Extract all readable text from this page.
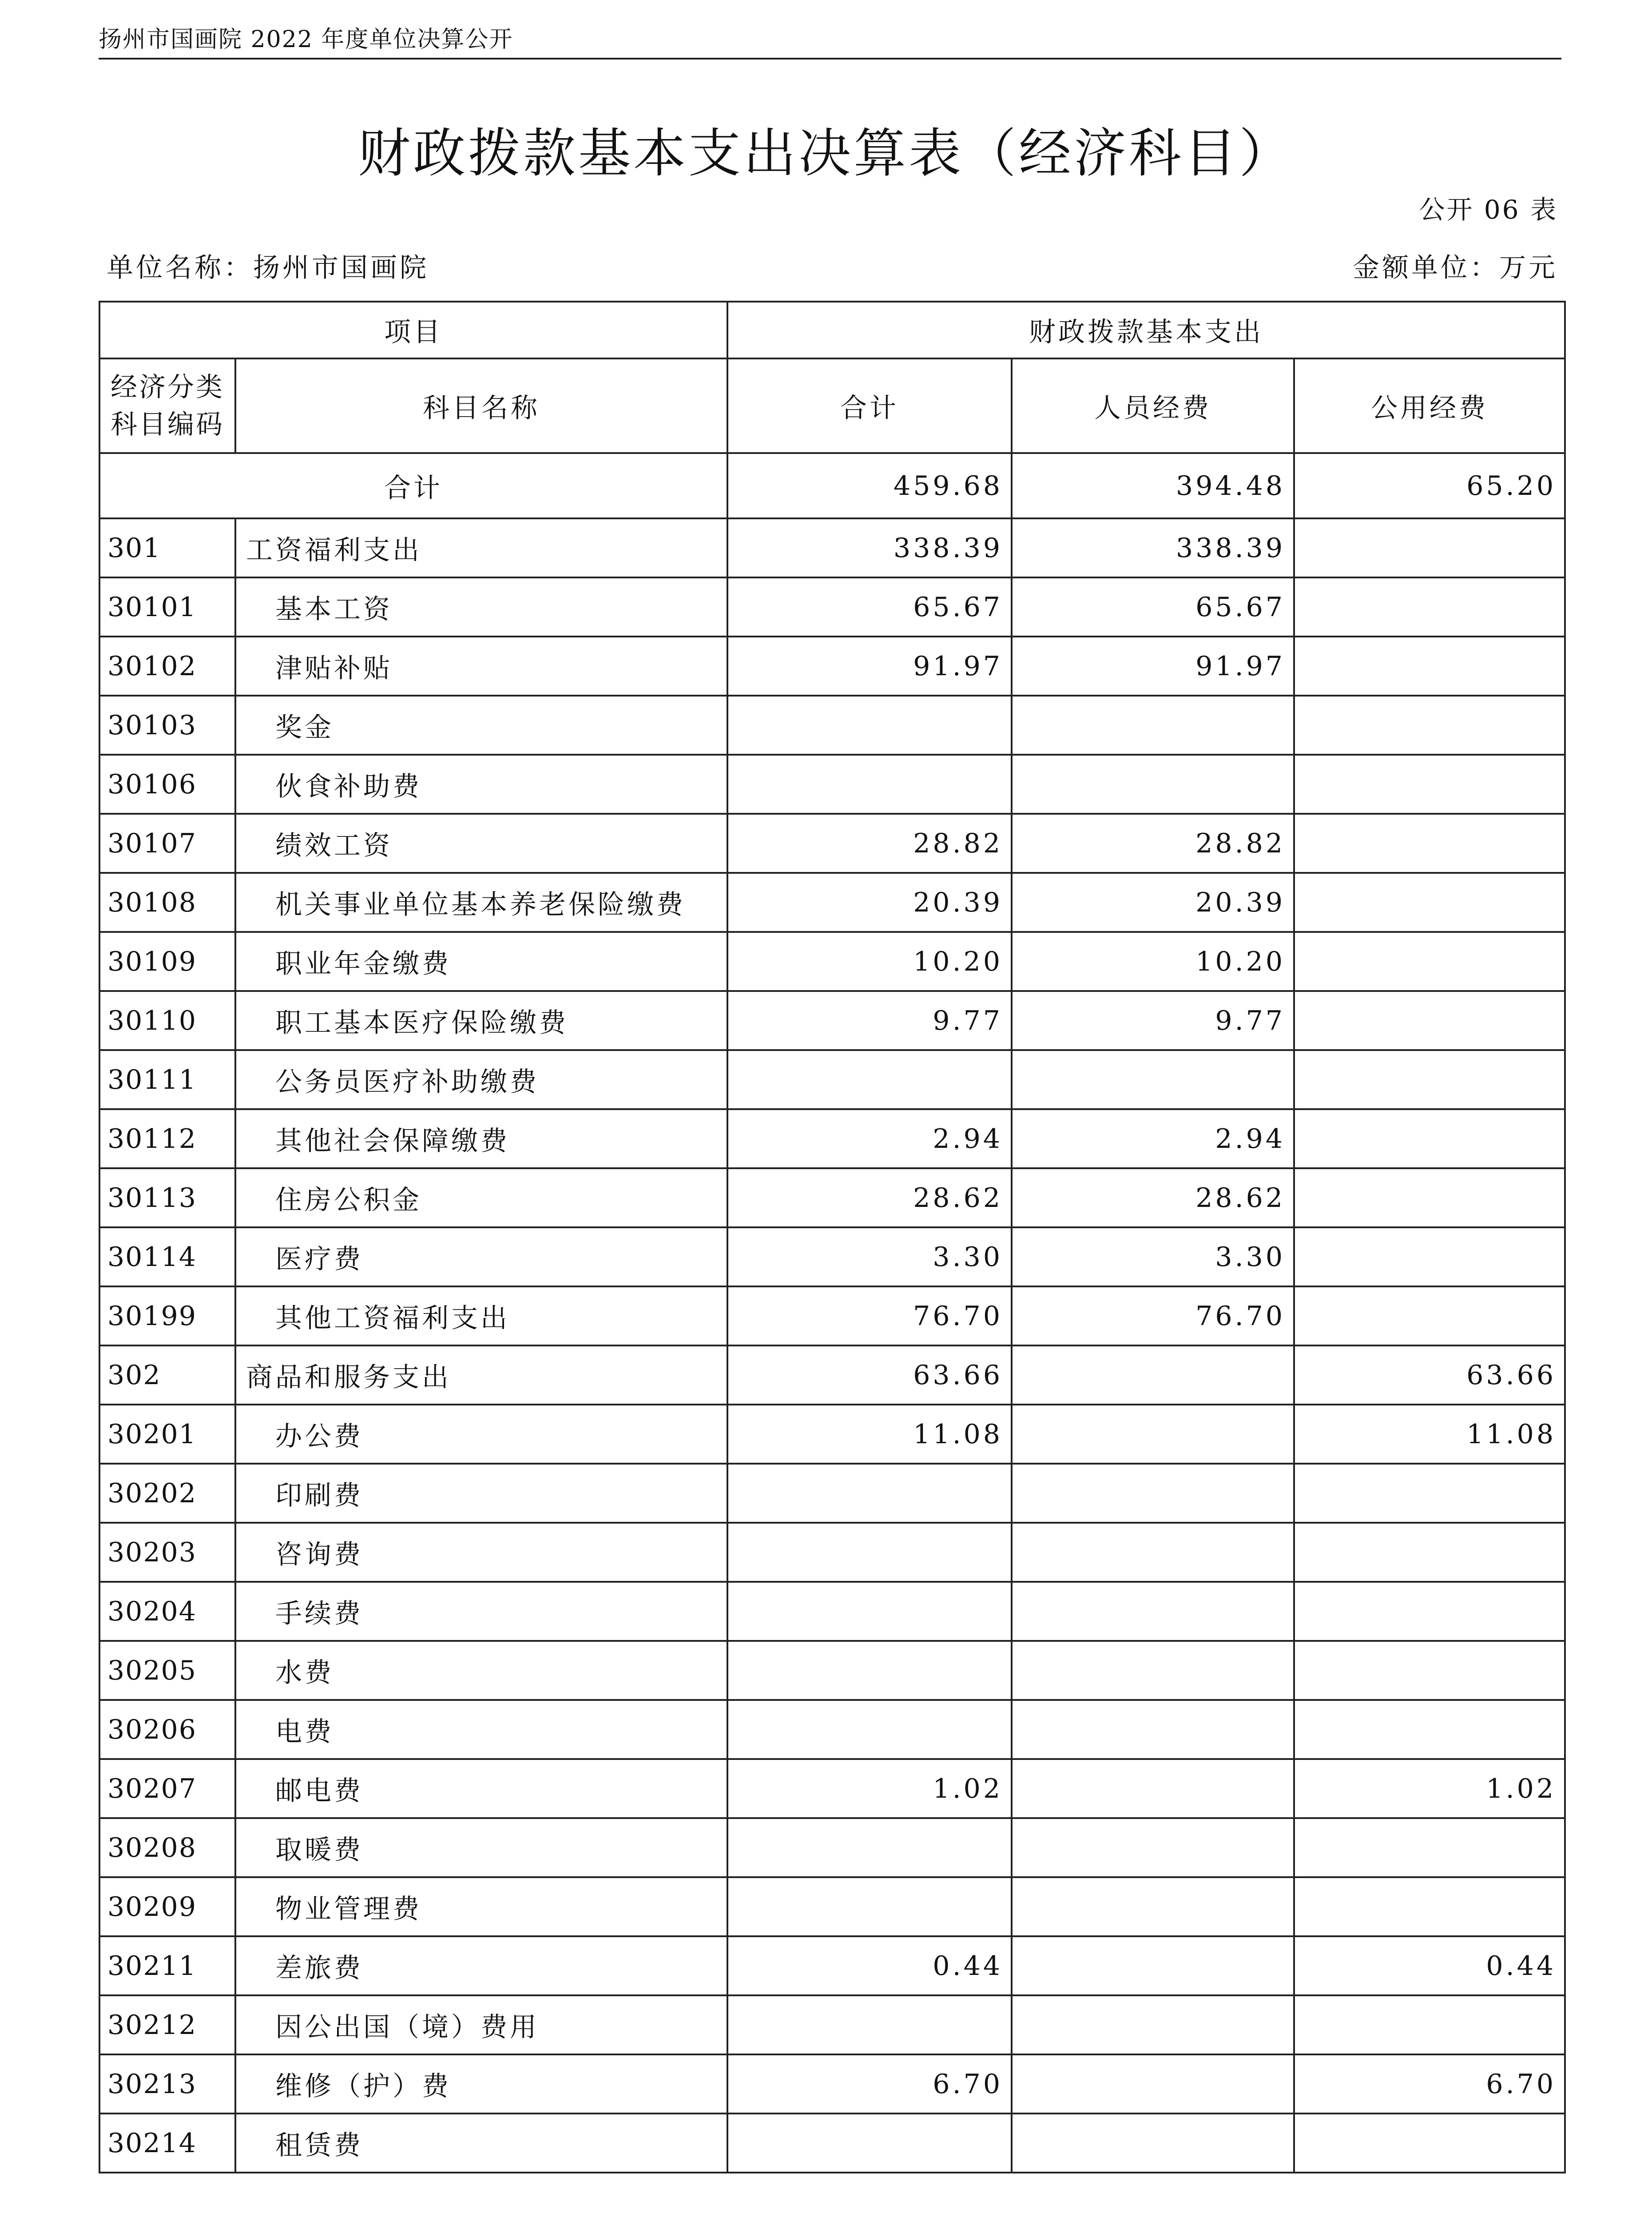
扬州市国画院 2022 年度单位决算公开
财政拨款基本支出决算表（经济科目）
公开 06 表
单位名称：扬州市国画院	金额单位：万元
项目		财政拨款基本支出		
经济分类科目编码	科目名称	合计	人员经费	公用经费
合计		459.68	394.48	65.20
301	工资福利支出	338.39	338.39	
30101	基本工资	65.67	65.67	
30102	津贴补贴	91.97	91.97	
30103	奖金			
30106	伙食补助费			
30107	绩效工资	28.82	28.82	
30108	机关事业单位基本养老保险缴费	20.39	20.39	
30109	职业年金缴费	10.20	10.20	
30110	职工基本医疗保险缴费	9.77	9.77	
30111	公务员医疗补助缴费			
30112	其他社会保障缴费	2.94	2.94	
30113	住房公积金	28.62	28.62	
30114	医疗费	3.30	3.30	
30199	其他工资福利支出	76.70	76.70	
302	商品和服务支出	63.66		63.66
30201	办公费	11.08		11.08
30202	印刷费			
30203	咨询费			
30204	手续费			
30205	水费			
30206	电费			
30207	邮电费	1.02		1.02
30208	取暖费			
30209	物业管理费			
30211	差旅费	0.44		0.44
30212	因公出国（境）费用			
30213	维修（护）费	6.70		6.70
30214	租赁费			
